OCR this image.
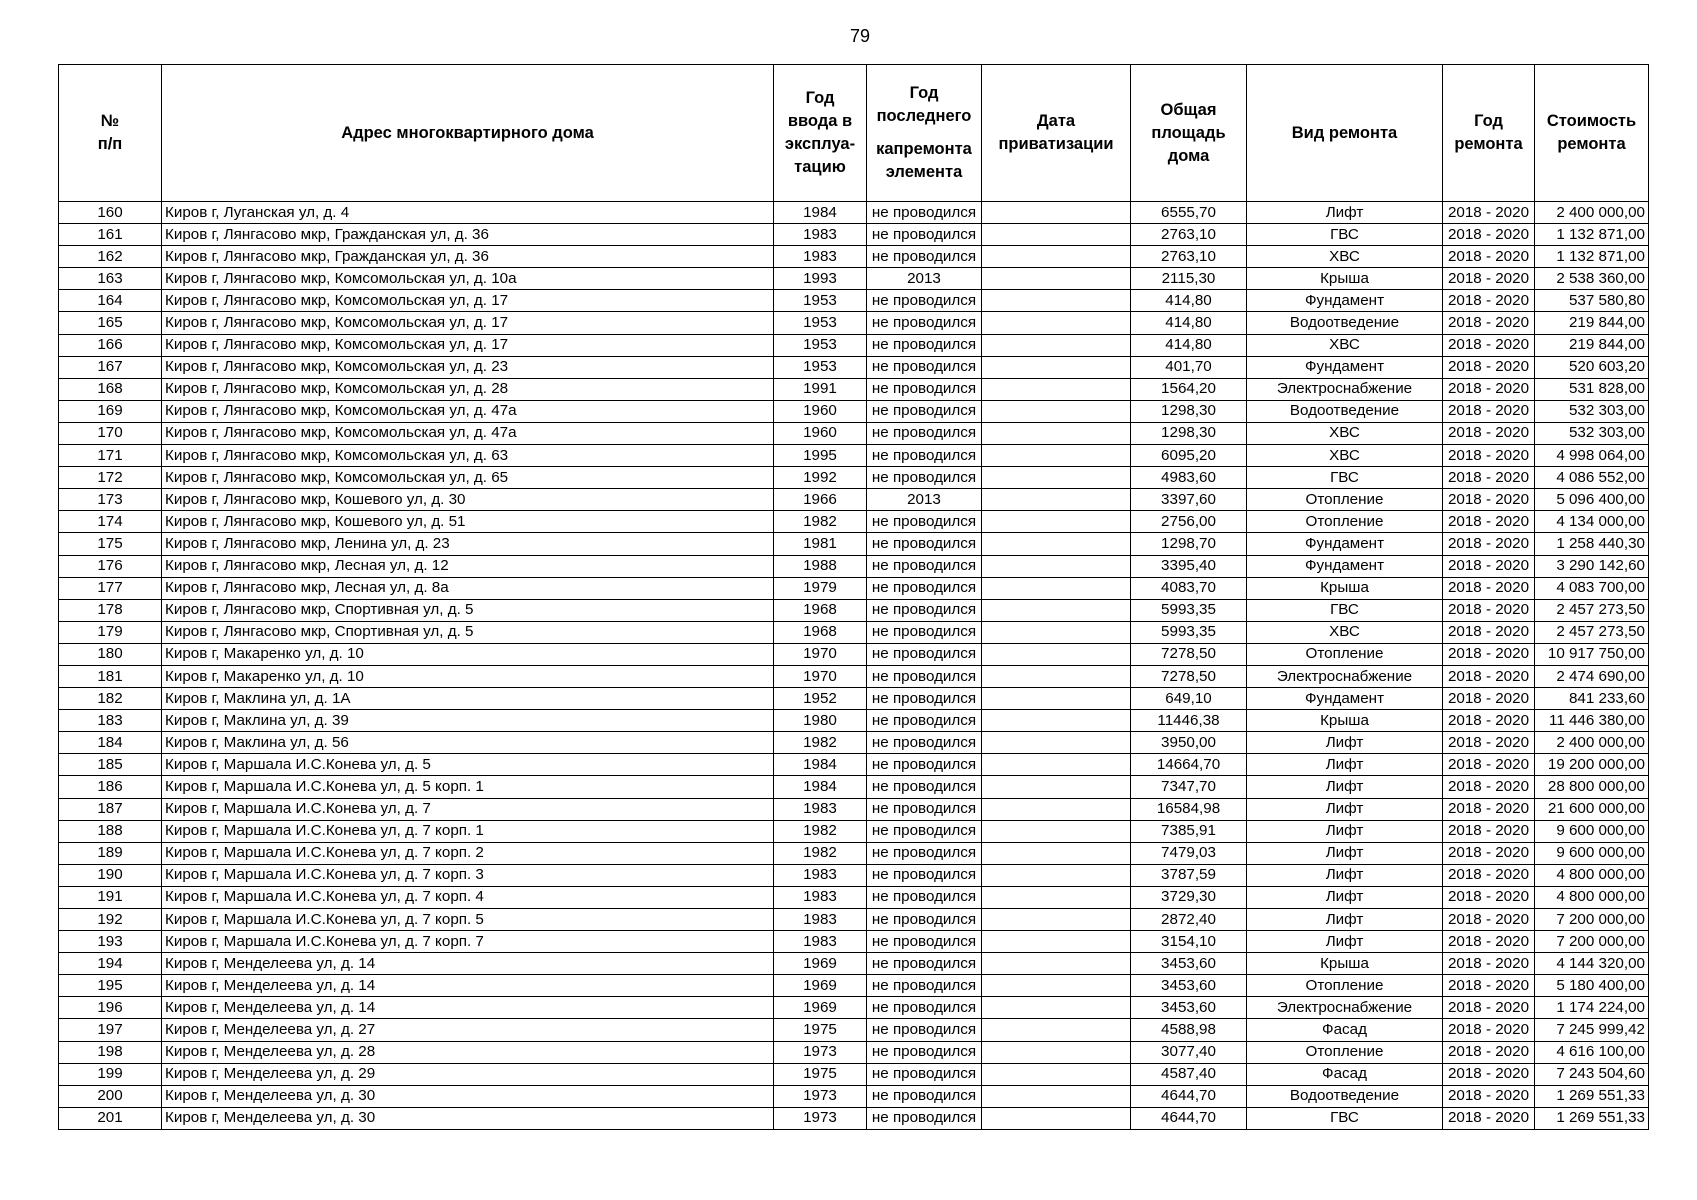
79
№
п/п	Адрес многоквартирного дома	Год
ввода в
эксплуа-
тацию	Год
последнего
капремонта
элемента	Дата
приватизации	Общая
площадь
дома	Вид ремонта	Год
ремонта	Стоимость
ремонта

160	Киров г, Луганская ул, д. 4	1984	не проводился		6555,70	Лифт	2018 - 2020	2 400 000,00
161	Киров г, Лянгасово мкр, Гражданская ул, д. 36	1983	не проводился		2763,10	ГВС	2018 - 2020	1 132 871,00
162	Киров г, Лянгасово мкр, Гражданская ул, д. 36	1983	не проводился		2763,10	ХВС	2018 - 2020	1 132 871,00
163	Киров г, Лянгасово мкр, Комсомольская ул, д. 10а	1993	2013		2115,30	Крыша	2018 - 2020	2 538 360,00
164	Киров г, Лянгасово мкр, Комсомольская ул, д. 17	1953	не проводился		414,80	Фундамент	2018 - 2020	537 580,80
165	Киров г, Лянгасово мкр, Комсомольская ул, д. 17	1953	не проводился		414,80	Водоотведение	2018 - 2020	219 844,00
166	Киров г, Лянгасово мкр, Комсомольская ул, д. 17	1953	не проводился		414,80	ХВС	2018 - 2020	219 844,00
167	Киров г, Лянгасово мкр, Комсомольская ул, д. 23	1953	не проводился		401,70	Фундамент	2018 - 2020	520 603,20
168	Киров г, Лянгасово мкр, Комсомольская ул, д. 28	1991	не проводился		1564,20	Электроснабжение	2018 - 2020	531 828,00
169	Киров г, Лянгасово мкр, Комсомольская ул, д. 47а	1960	не проводился		1298,30	Водоотведение	2018 - 2020	532 303,00
170	Киров г, Лянгасово мкр, Комсомольская ул, д. 47а	1960	не проводился		1298,30	ХВС	2018 - 2020	532 303,00
171	Киров г, Лянгасово мкр, Комсомольская ул, д. 63	1995	не проводился		6095,20	ХВС	2018 - 2020	4 998 064,00
172	Киров г, Лянгасово мкр, Комсомольская ул, д. 65	1992	не проводился		4983,60	ГВС	2018 - 2020	4 086 552,00
173	Киров г, Лянгасово мкр, Кошевого ул, д. 30	1966	2013		3397,60	Отопление	2018 - 2020	5 096 400,00
174	Киров г, Лянгасово мкр, Кошевого ул, д. 51	1982	не проводился		2756,00	Отопление	2018 - 2020	4 134 000,00
175	Киров г, Лянгасово мкр, Ленина ул, д. 23	1981	не проводился		1298,70	Фундамент	2018 - 2020	1 258 440,30
176	Киров г, Лянгасово мкр, Лесная ул, д. 12	1988	не проводился		3395,40	Фундамент	2018 - 2020	3 290 142,60
177	Киров г, Лянгасово мкр, Лесная ул, д. 8а	1979	не проводился		4083,70	Крыша	2018 - 2020	4 083 700,00
178	Киров г, Лянгасово мкр, Спортивная ул, д. 5	1968	не проводился		5993,35	ГВС	2018 - 2020	2 457 273,50
179	Киров г, Лянгасово мкр, Спортивная ул, д. 5	1968	не проводился		5993,35	ХВС	2018 - 2020	2 457 273,50
180	Киров г, Макаренко ул, д. 10	1970	не проводился		7278,50	Отопление	2018 - 2020	10 917 750,00
181	Киров г, Макаренко ул, д. 10	1970	не проводился		7278,50	Электроснабжение	2018 - 2020	2 474 690,00
182	Киров г, Маклина ул, д. 1А	1952	не проводился		649,10	Фундамент	2018 - 2020	841 233,60
183	Киров г, Маклина ул, д. 39	1980	не проводился		11446,38	Крыша	2018 - 2020	11 446 380,00
184	Киров г, Маклина ул, д. 56	1982	не проводился		3950,00	Лифт	2018 - 2020	2 400 000,00
185	Киров г, Маршала И.С.Конева ул, д. 5	1984	не проводился		14664,70	Лифт	2018 - 2020	19 200 000,00
186	Киров г, Маршала И.С.Конева ул, д. 5 корп. 1	1984	не проводился		7347,70	Лифт	2018 - 2020	28 800 000,00
187	Киров г, Маршала И.С.Конева ул, д. 7	1983	не проводился		16584,98	Лифт	2018 - 2020	21 600 000,00
188	Киров г, Маршала И.С.Конева ул, д. 7 корп. 1	1982	не проводился		7385,91	Лифт	2018 - 2020	9 600 000,00
189	Киров г, Маршала И.С.Конева ул, д. 7 корп. 2	1982	не проводился		7479,03	Лифт	2018 - 2020	9 600 000,00
190	Киров г, Маршала И.С.Конева ул, д. 7 корп. 3	1983	не проводился		3787,59	Лифт	2018 - 2020	4 800 000,00
191	Киров г, Маршала И.С.Конева ул, д. 7 корп. 4	1983	не проводился		3729,30	Лифт	2018 - 2020	4 800 000,00
192	Киров г, Маршала И.С.Конева ул, д. 7 корп. 5	1983	не проводился		2872,40	Лифт	2018 - 2020	7 200 000,00
193	Киров г, Маршала И.С.Конева ул, д. 7 корп. 7	1983	не проводился		3154,10	Лифт	2018 - 2020	7 200 000,00
194	Киров г, Менделеева ул, д. 14	1969	не проводился		3453,60	Крыша	2018 - 2020	4 144 320,00
195	Киров г, Менделеева ул, д. 14	1969	не проводился		3453,60	Отопление	2018 - 2020	5 180 400,00
196	Киров г, Менделеева ул, д. 14	1969	не проводился		3453,60	Электроснабжение	2018 - 2020	1 174 224,00
197	Киров г, Менделеева ул, д. 27	1975	не проводился		4588,98	Фасад	2018 - 2020	7 245 999,42
198	Киров г, Менделеева ул, д. 28	1973	не проводился		3077,40	Отопление	2018 - 2020	4 616 100,00
199	Киров г, Менделеева ул, д. 29	1975	не проводился		4587,40	Фасад	2018 - 2020	7 243 504,60
200	Киров г, Менделеева ул, д. 30	1973	не проводился		4644,70	Водоотведение	2018 - 2020	1 269 551,33
201	Киров г, Менделеева ул, д. 30	1973	не проводился		4644,70	ГВС	2018 - 2020	1 269 551,33
